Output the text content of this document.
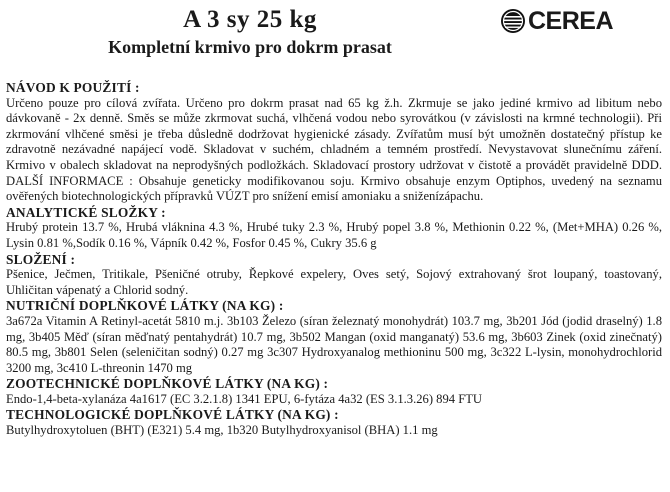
A 3 sy 25 kg
Kompletní krmivo pro dokrm prasat
CEREA
NÁVOD K POUŽITÍ :
Určeno pouze pro cílová zvířata. Určeno pro dokrm prasat nad 65 kg ž.h. Zkrmuje se jako jediné krmivo ad libitum nebo dávkovaně - 2x denně. Směs se může zkrmovat suchá, vlhčená vodou nebo syrovátkou (v závislosti na krmné technologii). Při zkrmování vlhčené směsi je třeba důsledně dodržovat hygienické zásady. Zvířatům musí být umožněn dostatečný přístup ke zdravotně nezávadné napájecí vodě. Skladovat v suchém, chladném a temném prostředí. Nevystavovat slunečnímu záření. Krmivo v obalech skladovat na neprodyšných podložkách. Skladovací prostory udržovat v čistotě a provádět pravidelně DDD. DALŠÍ INFORMACE : Obsahuje geneticky modifikovanou soju. Krmivo obsahuje enzym Optiphos, uvedený na seznamu ověřených biotechnologických přípravků VÚZT pro snížení emisí amoniaku a sniženízápachu.
ANALYTICKÉ SLOŽKY :
Hrubý protein 13.7 %, Hrubá vláknina 4.3 %, Hrubé tuky 2.3 %, Hrubý popel 3.8 %, Methionin 0.22 %, (Met+MHA) 0.26 %, Lysin 0.81 %,Sodík 0.16 %, Vápník 0.42 %, Fosfor 0.45 %, Cukry 35.6 g
SLOŽENÍ :
Pšenice, Ječmen, Tritikale, Pšeničné otruby, Řepkové expelery, Oves setý, Sojový extrahovaný šrot loupaný, toastovaný, Uhličitan vápenatý a Chlorid sodný.
NUTRIČNÍ DOPLŇKOVÉ LÁTKY (NA KG) :
3a672a Vitamin A Retinyl-acetát 5810 m.j. 3b103 Železo (síran železnatý monohydrát) 103.7 mg, 3b201 Jód (jodid draselný) 1.8 mg, 3b405 Měď (síran měďnatý pentahydrát) 10.7 mg, 3b502 Mangan (oxid manganatý) 53.6 mg, 3b603 Zinek (oxid zinečnatý) 80.5 mg, 3b801 Selen (seleničitan sodný) 0.27 mg 3c307 Hydroxyanalog methioninu 500 mg, 3c322 L-lysin, monohydrochlorid 3200 mg, 3c410 L-threonin 1470 mg
ZOOTECHNICKÉ DOPLŇKOVÉ LÁTKY (NA KG) :
Endo-1,4-beta-xylanáza 4a1617 (EC 3.2.1.8) 1341 EPU, 6-fytáza 4a32 (ES 3.1.3.26) 894 FTU
TECHNOLOGICKÉ DOPLŇKOVÉ LÁTKY (NA KG) :
Butylhydroxytoluen (BHT) (E321) 5.4 mg, 1b320 Butylhydroxyanisol (BHA) 1.1 mg
